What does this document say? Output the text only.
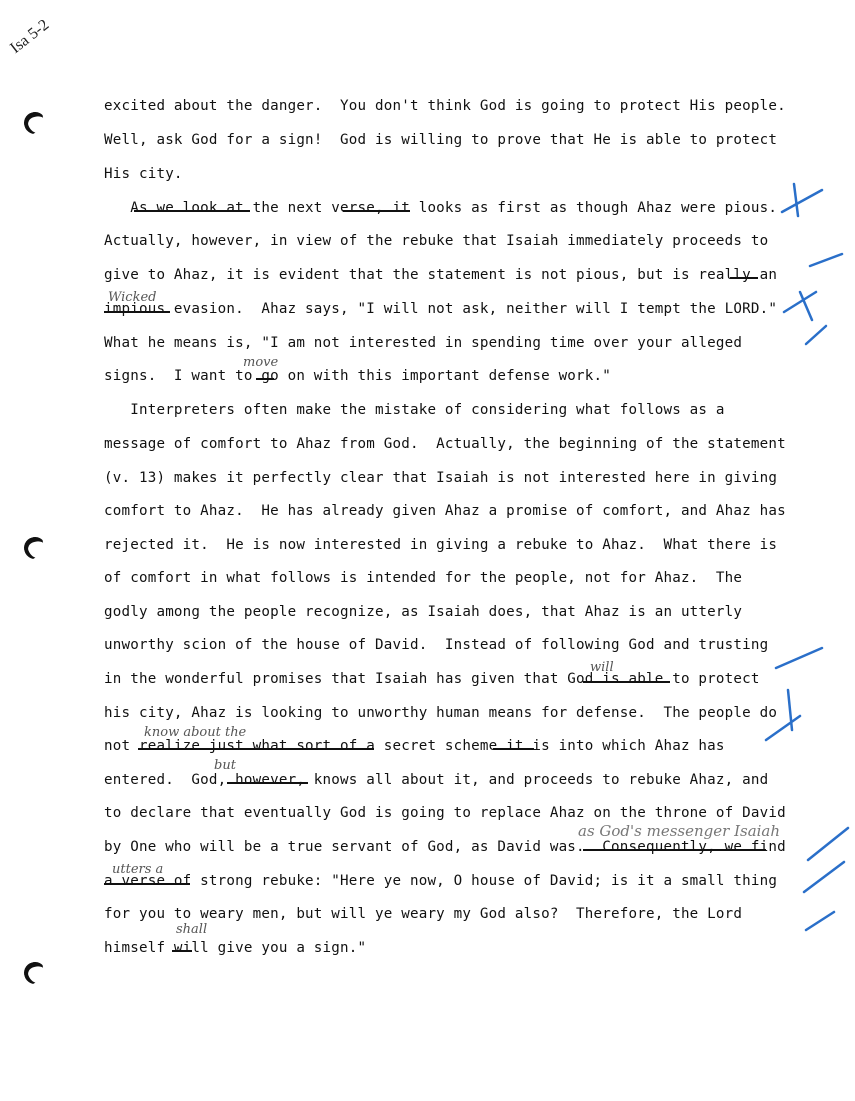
Isa 5-2
excited about the danger.  You don't think God is going to protect His people.
Well, ask God for a sign!  God is willing to prove that He is able to protect
His city.
As we look at the next verse, it looks as first as though Ahaz were pious.
Actually, however, in view of the rebuke that Isaiah immediately proceeds to
give to Ahaz, it is evident that the statement is not pious, but is really an
impious evasion.  Ahaz says, "I will not ask, neither will I tempt the LORD."
What he means is, "I am not interested in spending time over your alleged
signs.  I want to go on with this important defense work."
Interpreters often make the mistake of considering what follows as a
message of comfort to Ahaz from God.  Actually, the beginning of the statement
(v. 13) makes it perfectly clear that Isaiah is not interested here in giving
comfort to Ahaz.  He has already given Ahaz a promise of comfort, and Ahaz has
rejected it.  He is now interested in giving a rebuke to Ahaz.  What there is
of comfort in what follows is intended for the people, not for Ahaz.  The
godly among the people recognize, as Isaiah does, that Ahaz is an utterly
unworthy scion of the house of David.  Instead of following God and trusting
in the wonderful promises that Isaiah has given that God is able to protect
his city, Ahaz is looking to unworthy human means for defense.  The people do
not realize just what sort of a secret scheme it is into which Ahaz has
entered.  God, however, knows all about it, and proceeds to rebuke Ahaz, and
to declare that eventually God is going to replace Ahaz on the throne of David
by One who will be a true servant of God, as David was.  Consequently, we find
a verse of strong rebuke: "Here ye now, O house of David; is it a small thing
for you to weary men, but will ye weary my God also?  Therefore, the Lord
himself will give you a sign."
Wicked
move
will
know about the
but
as God's messenger Isaiah
utters a
shall
